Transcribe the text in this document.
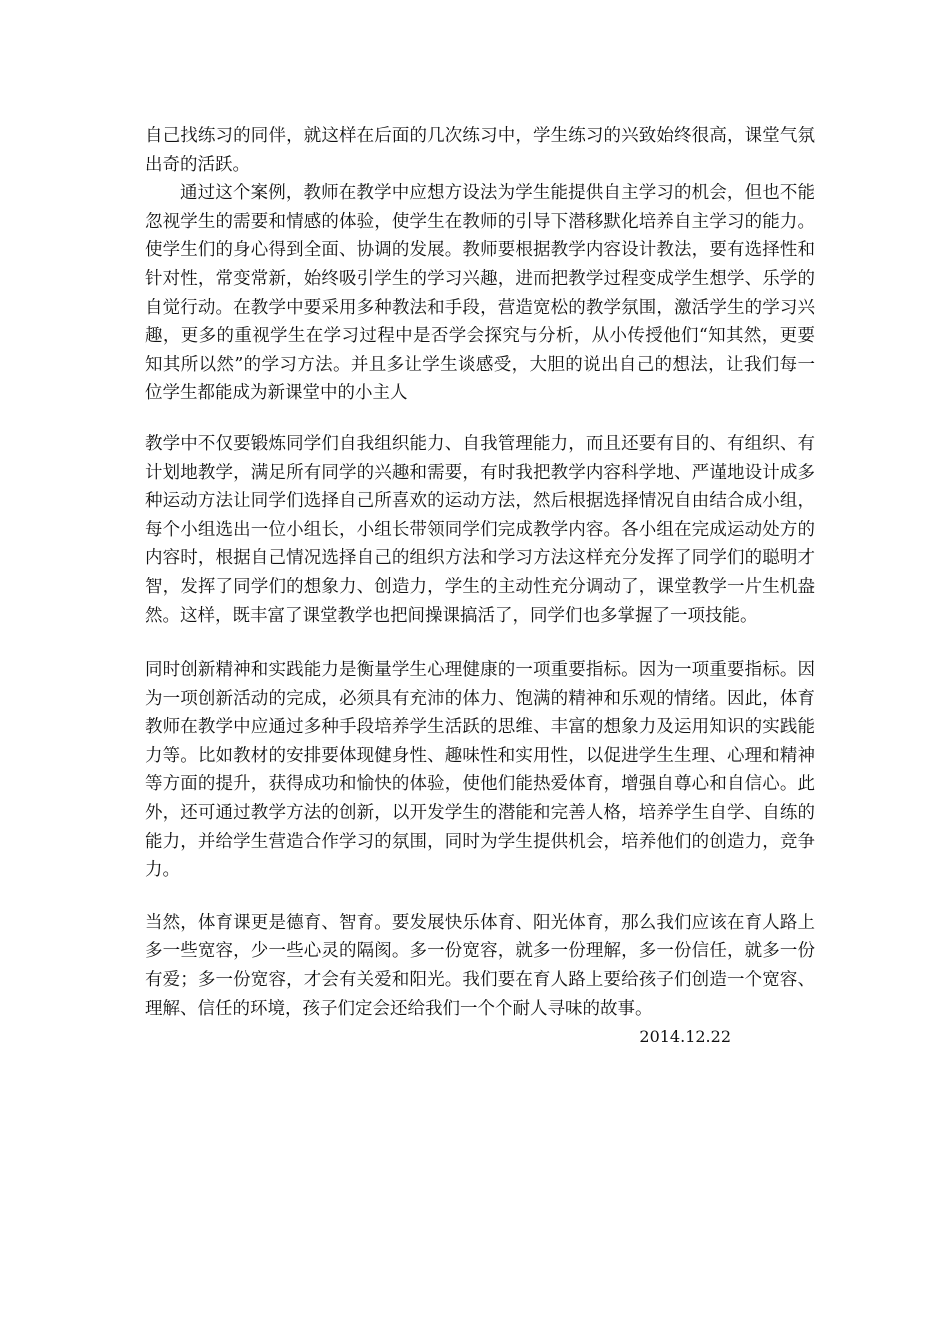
自己找练习的同伴，就这样在后面的几次练习中，学生练习的兴致始终很高，课堂气氛出奇的活跃。

通过这个案例，教师在教学中应想方设法为学生能提供自主学习的机会，但也不能忽视学生的需要和情感的体验，使学生在教师的引导下潜移默化培养自主学习的能力。使学生们的身心得到全面、协调的发展。教师要根据教学内容设计教法，要有选择性和针对性，常变常新，始终吸引学生的学习兴趣，进而把教学过程变成学生想学、乐学的自觉行动。在教学中要采用多种教法和手段，营造宽松的教学氛围，激活学生的学习兴趣，更多的重视学生在学习过程中是否学会探究与分析，从小传授他们“知其然，更要知其所以然”的学习方法。并且多让学生谈感受，大胆的说出自己的想法，让我们每一位学生都能成为新课堂中的小主人

教学中不仅要锻炼同学们自我组织能力、自我管理能力，而且还要有目的、有组织、有计划地教学，满足所有同学的兴趣和需要，有时我把教学内容科学地、严谨地设计成多种运动方法让同学们选择自己所喜欢的运动方法，然后根据选择情况自由结合成小组，每个小组选出一位小组长，小组长带领同学们完成教学内容。各小组在完成运动处方的内容时，根据自己情况选择自己的组织方法和学习方法这样充分发挥了同学们的聪明才智，发挥了同学们的想象力、创造力，学生的主动性充分调动了，课堂教学一片生机盎然。这样，既丰富了课堂教学也把间操课搞活了，同学们也多掌握了一项技能。

同时创新精神和实践能力是衡量学生心理健康的一项重要指标。因为一项重要指标。因为一项创新活动的完成，必须具有充沛的体力、饱满的精神和乐观的情绪。因此，体育教师在教学中应通过多种手段培养学生活跃的思维、丰富的想象力及运用知识的实践能力等。比如教材的安排要体现健身性、趣味性和实用性，以促进学生生理、心理和精神等方面的提升，获得成功和愉快的体验，使他们能热爱体育，增强自尊心和自信心。此外，还可通过教学方法的创新，以开发学生的潜能和完善人格，培养学生自学、自练的能力，并给学生营造合作学习的氛围，同时为学生提供机会，培养他们的创造力，竞争力。

当然，体育课更是德育、智育。要发展快乐体育、阳光体育，那么我们应该在育人路上多一些宽容，少一些心灵的隔阂。多一份宽容，就多一份理解，多一份信任，就多一份有爱；多一份宽容，才会有关爱和阳光。我们要在育人路上要给孩子们创造一个宽容、理解、信任的环境，孩子们定会还给我们一个个耐人寻味的故事。

2014.12.22
